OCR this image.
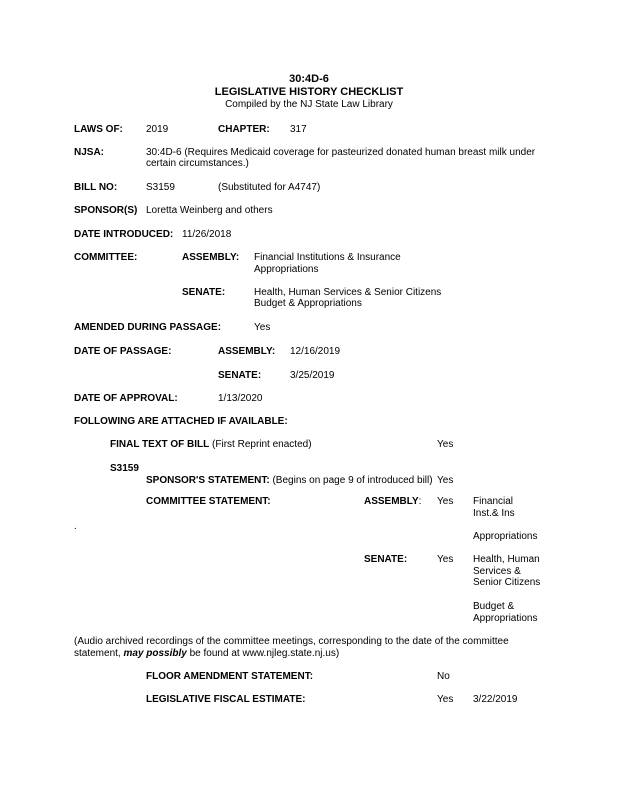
30:4D-6
LEGISLATIVE HISTORY CHECKLIST
Compiled by the NJ State Law Library
LAWS OF: 2019	CHAPTER: 317
NJSA:	30:4D-6 (Requires Medicaid coverage for pasteurized donated human breast milk under
certain circumstances.)
BILL NO:	S3159	(Substituted for A4747)
SPONSOR(S) Loretta Weinberg and others
DATE INTRODUCED: 11/26/2018
COMMITTEE:	ASSEMBLY: Financial Institutions & Insurance
Appropriations
SENATE:	Health, Human Services & Senior Citizens
Budget & Appropriations
AMENDED DURING PASSAGE:	Yes
DATE OF PASSAGE:	ASSEMBLY: 12/16/2019
SENATE:	3/25/2019
DATE OF APPROVAL:	1/13/2020
FOLLOWING ARE ATTACHED IF AVAILABLE:
FINAL TEXT OF BILL (First Reprint enacted)	Yes
S3159
SPONSOR'S STATEMENT: (Begins on page 9 of introduced bill) Yes
COMMITTEE STATEMENT:	ASSEMBLY: Yes Financial
Inst.& Ins
.
Appropriations
SENATE:	Yes Health, Human
Services &
Senior Citizens
Budget &
Appropriations
(Audio archived recordings of the committee meetings, corresponding to the date of the committee
statement, may possibly be found at www.njleg.state.nj.us)
FLOOR AMENDMENT STATEMENT:	No
LEGISLATIVE FISCAL ESTIMATE:	Yes 3/22/2019
